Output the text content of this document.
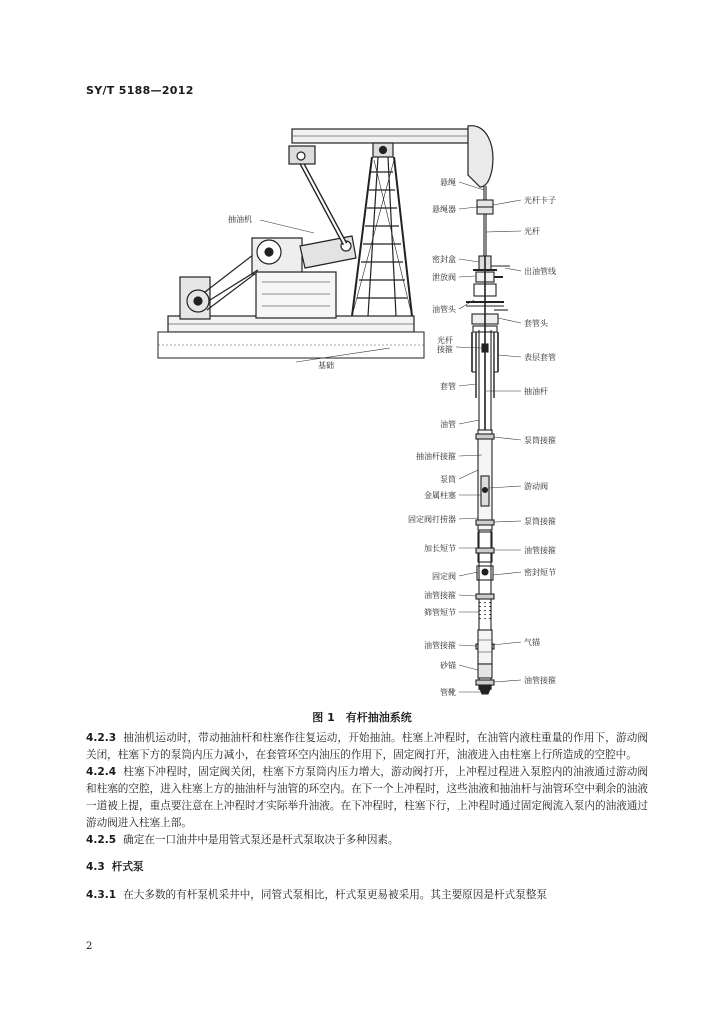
SY/T 5188—2012
悬绳
悬绳器
光杆卡子
抽油机
光杆
密封盒
泄放阀
出油管线
油管头
套管头
光杆接箍
表层套管
基础
套管
抽油杆
油管
泵筒接箍
抽油杆接箍
泵筒
游动阀
金属柱塞
固定阀打捞器	泵筒接箍
加长短节	油管接箍
固定阀	密封短节
油管接箍
筛管短节
油管接箍	气锚
砂锚
油管接箍
管靴
图 1　有杆抽油系统

4.2.3 抽油机运动时，带动抽油杆和柱塞作往复运动，开始抽油。柱塞上冲程时，在油管内液柱重量的作用下，游动阀关闭，柱塞下方的泵筒内压力减小，在套管环空内油压的作用下，固定阀打开，油液进入由柱塞上行所造成的空腔中。

4.2.4 柱塞下冲程时，固定阀关闭，柱塞下方泵筒内压力增大，游动阀打开，上冲程过程进入泵腔内的油液通过游动阀和柱塞的空腔，进入柱塞上方的抽油杆与油管的环空内。在下一个上冲程时，这些油液和抽油杆与油管环空中剩余的油液一道被上提，重点要注意在上冲程时才实际举升油液。在下冲程时，柱塞下行，上冲程时通过固定阀流入泵内的油液通过游动阀进入柱塞上部。

4.2.5 确定在一口油井中是用管式泵还是杆式泵取决于多种因素。

4.3 杆式泵

4.3.1 在大多数的有杆泵机采井中，同管式泵相比，杆式泵更易被采用。其主要原因是杆式泵整泵

2
